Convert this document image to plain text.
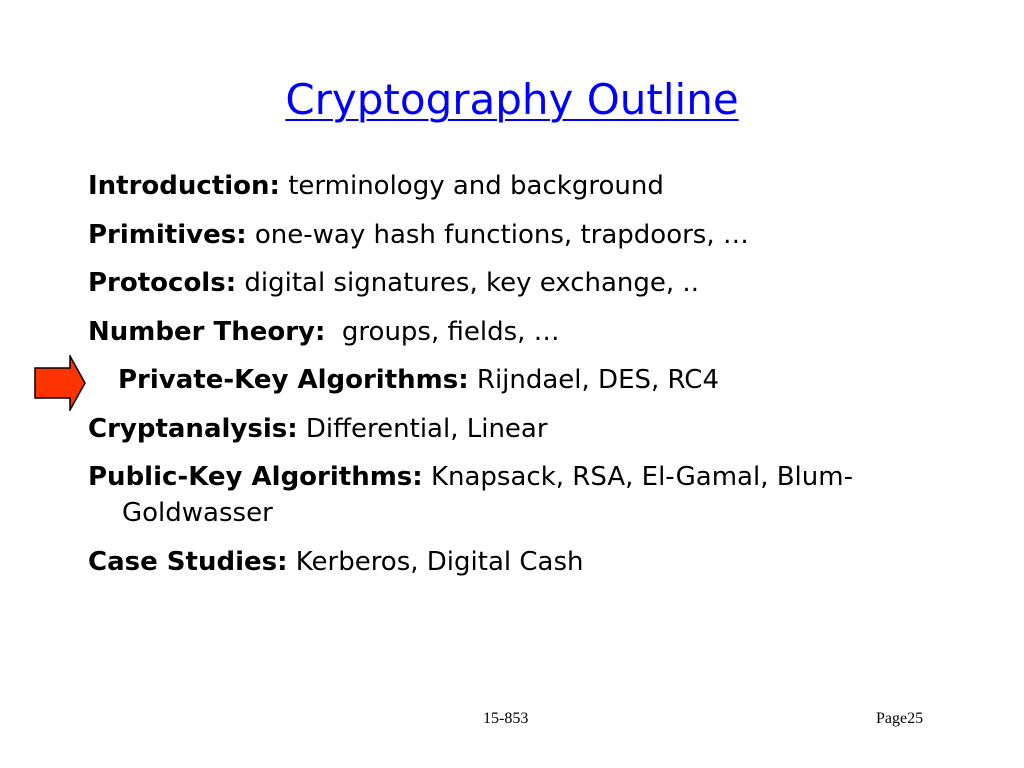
Cryptography Outline
Introduction: terminology and background
Primitives: one-way hash functions, trapdoors, …
Protocols: digital signatures, key exchange, ..
Number Theory: groups, fields, …
Private-Key Algorithms: Rijndael, DES, RC4
Cryptanalysis: Differential, Linear
Public-Key Algorithms: Knapsack, RSA, El-Gamal, Blum-Goldwasser
Case Studies: Kerberos, Digital Cash
15-853	Page25
